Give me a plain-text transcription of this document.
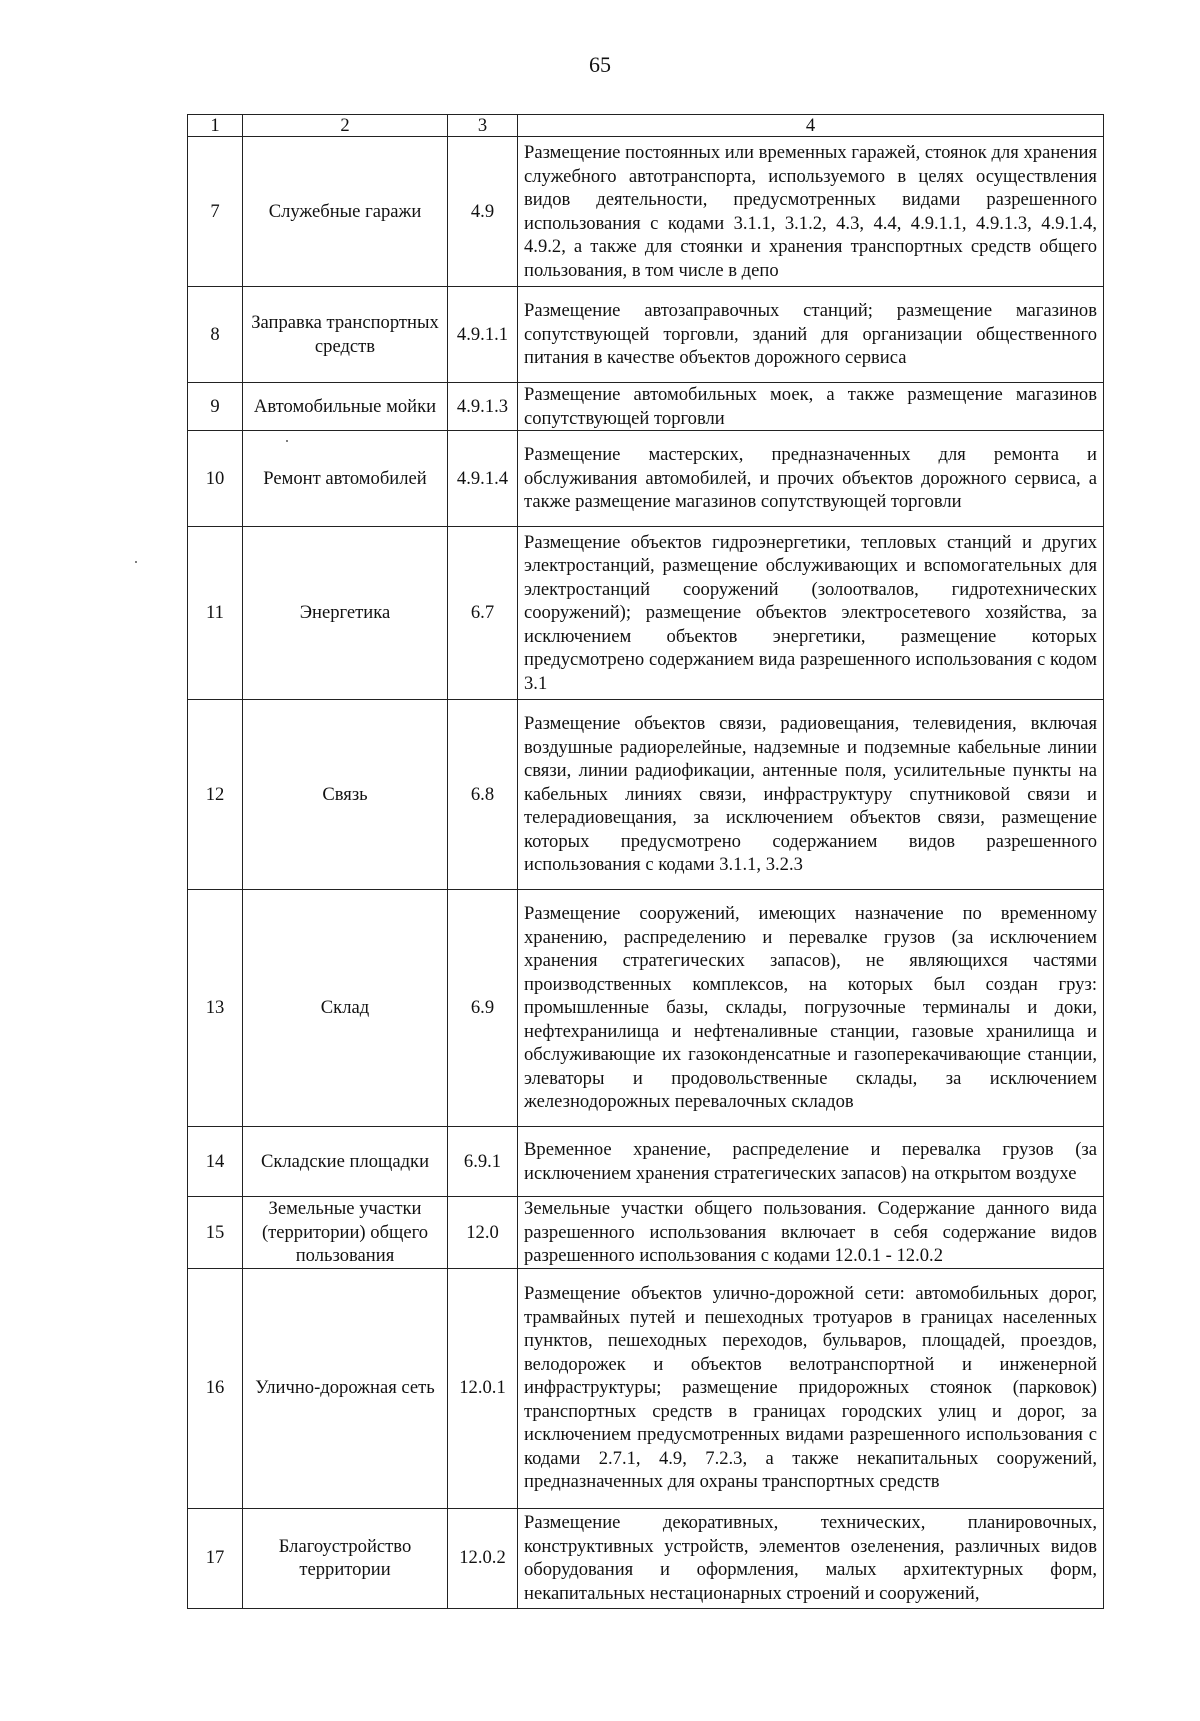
65
1	2	3	4
7	Служебные гаражи	4.9	Размещение постоянных или временных гаражей, стоянок для хранения служебного автотранспорта, используемого в целях осуществления видов деятельности, предусмотренных видами разрешенного использования с кодами 3.1.1, 3.1.2, 4.3, 4.4, 4.9.1.1, 4.9.1.3, 4.9.1.4, 4.9.2, а также для стоянки и хранения транспортных средств общего пользования, в том числе в депо
8	Заправка транспортных средств	4.9.1.1	Размещение автозаправочных станций; размещение магазинов сопутствующей торговли, зданий для организации общественного питания в качестве объектов дорожного сервиса
9	Автомобильные мойки	4.9.1.3	Размещение автомобильных моек, а также размещение магазинов сопутствующей торговли
10	Ремонт автомобилей	4.9.1.4	Размещение мастерских, предназначенных для ремонта и обслуживания автомобилей, и прочих объектов дорожного сервиса, а также размещение магазинов сопутствующей торговли
11	Энергетика	6.7	Размещение объектов гидроэнергетики, тепловых станций и других электростанций, размещение обслуживающих и вспомогательных для электростанций сооружений (золоотвалов, гидротехнических сооружений); размещение объектов электросетевого хозяйства, за исключением объектов энергетики, размещение которых предусмотрено содержанием вида разрешенного использования с кодом 3.1
12	Связь	6.8	Размещение объектов связи, радиовещания, телевидения, включая воздушные радиорелейные, надземные и подземные кабельные линии связи, линии радиофикации, антенные поля, усилительные пункты на кабельных линиях связи, инфраструктуру спутниковой связи и телерадиовещания, за исключением объектов связи, размещение которых предусмотрено содержанием видов разрешенного использования с кодами 3.1.1, 3.2.3
13	Склад	6.9	Размещение сооружений, имеющих назначение по временному хранению, распределению и перевалке грузов (за исключением хранения стратегических запасов), не являющихся частями производственных комплексов, на которых был создан груз: промышленные базы, склады, погрузочные терминалы и доки, нефтехранилища и нефтеналивные станции, газовые хранилища и обслуживающие их газоконденсатные и газоперекачивающие станции, элеваторы и продовольственные склады, за исключением железнодорожных перевалочных складов
14	Складские площадки	6.9.1	Временное хранение, распределение и перевалка грузов (за исключением хранения стратегических запасов) на открытом воздухе
15	Земельные участки (территории) общего пользования	12.0	Земельные участки общего пользования. Содержание данного вида разрешенного использования включает в себя содержание видов разрешенного использования с кодами 12.0.1 - 12.0.2
16	Улично-дорожная сеть	12.0.1	Размещение объектов улично-дорожной сети: автомобильных дорог, трамвайных путей и пешеходных тротуаров в границах населенных пунктов, пешеходных переходов, бульваров, площадей, проездов, велодорожек и объектов велотранспортной и инженерной инфраструктуры; размещение придорожных стоянок (парковок) транспортных средств в границах городских улиц и дорог, за исключением предусмотренных видами разрешенного использования с кодами 2.7.1, 4.9, 7.2.3, а также некапитальных сооружений, предназначенных для охраны транспортных средств
17	Благоустройство территории	12.0.2	Размещение декоративных, технических, планировочных, конструктивных устройств, элементов озеленения, различных видов оборудования и оформления, малых архитектурных форм, некапитальных нестационарных строений и сооружений,
